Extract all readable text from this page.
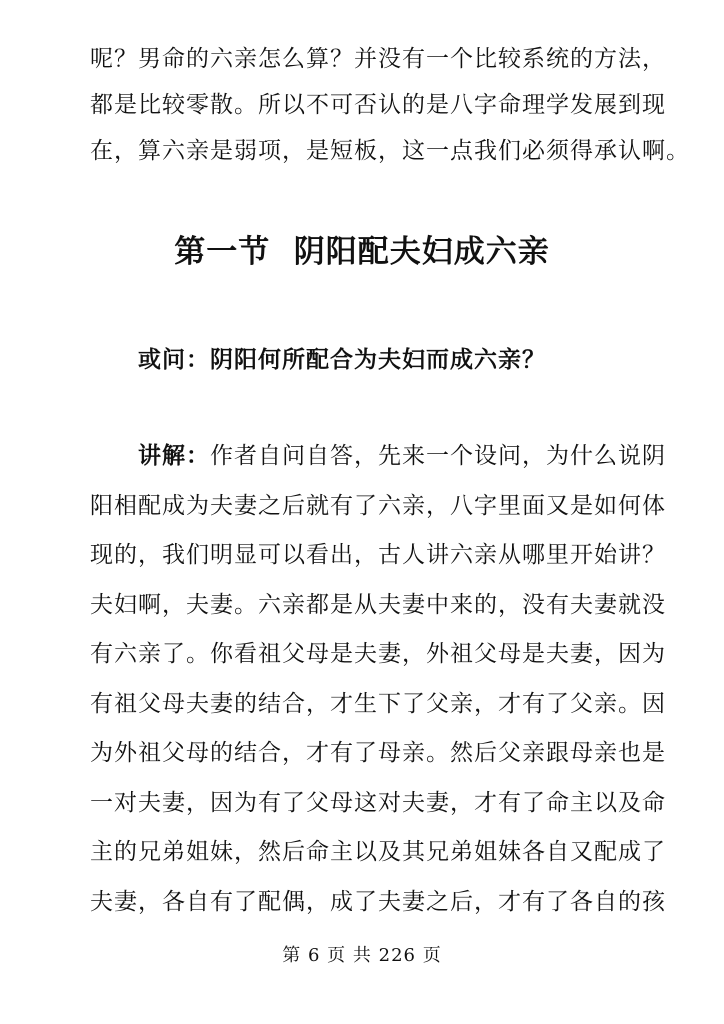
呢？男命的六亲怎么算？并没有一个比较系统的方法，
都是比较零散。所以不可否认的是八字命理学发展到现
在，算六亲是弱项，是短板，这一点我们必须得承认啊。
第一节  阴阳配夫妇成六亲
或问：阴阳何所配合为夫妇而成六亲？
讲解：作者自问自答，先来一个设问，为什么说阴
阳相配成为夫妻之后就有了六亲，八字里面又是如何体
现的，我们明显可以看出，古人讲六亲从哪里开始讲？
夫妇啊，夫妻。六亲都是从夫妻中来的，没有夫妻就没
有六亲了。你看祖父母是夫妻，外祖父母是夫妻，因为
有祖父母夫妻的结合，才生下了父亲，才有了父亲。因
为外祖父母的结合，才有了母亲。然后父亲跟母亲也是
一对夫妻，因为有了父母这对夫妻，才有了命主以及命
主的兄弟姐妹，然后命主以及其兄弟姐妹各自又配成了
夫妻，各自有了配偶，成了夫妻之后，才有了各自的孩
第 6 页 共 226 页
